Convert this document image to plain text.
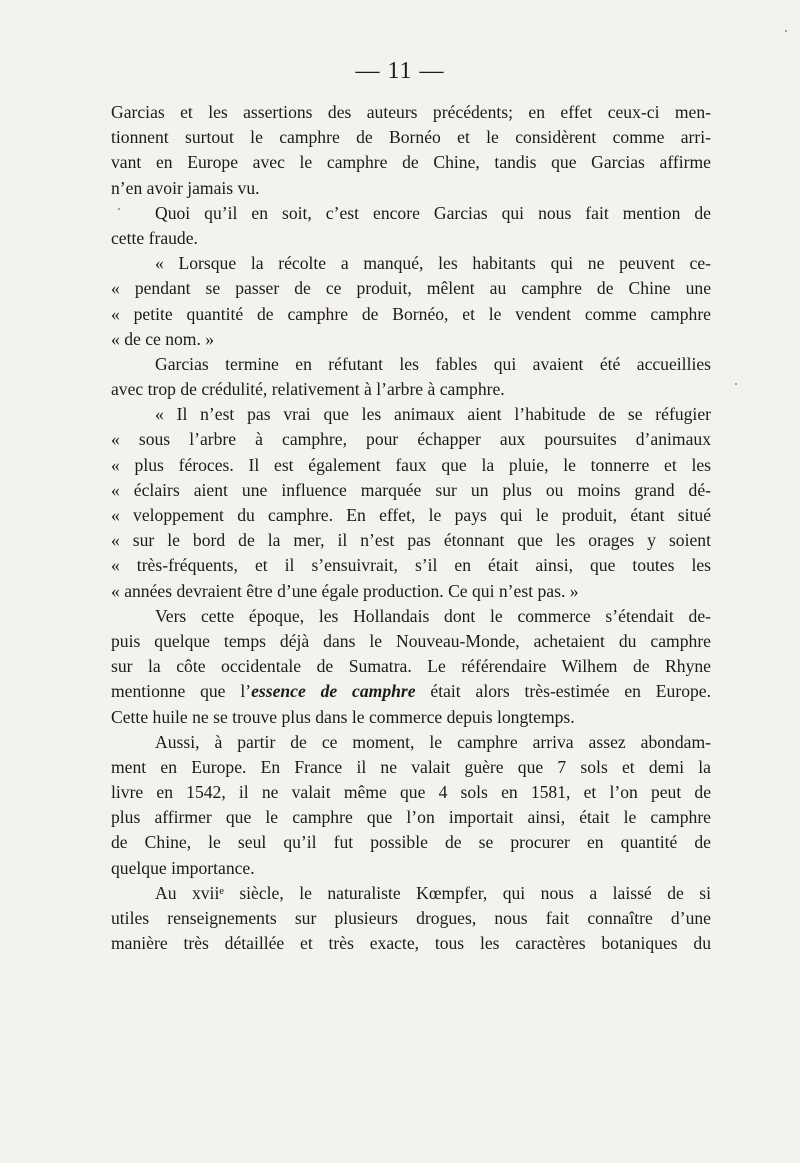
— 11 —
Garcias et les assertions des auteurs précédents; en effet ceux-ci men-
tionnent surtout le camphre de Bornéo et le considèrent comme arri-
vant en Europe avec le camphre de Chine, tandis que Garcias affirme
n’en avoir jamais vu.
Quoi qu’il en soit, c’est encore Garcias qui nous fait mention de
cette fraude.
« Lorsque la récolte a manqué, les habitants qui ne peuvent ce-
« pendant se passer de ce produit, mêlent au camphre de Chine une
« petite quantité de camphre de Bornéo, et le vendent comme camphre
« de ce nom. »
Garcias termine en réfutant les fables qui avaient été accueillies
avec trop de crédulité, relativement à l’arbre à camphre.
« Il n’est pas vrai que les animaux aient l’habitude de se réfugier
« sous l’arbre à camphre, pour échapper aux poursuites d’animaux
« plus féroces. Il est également faux que la pluie, le tonnerre et les
« éclairs aient une influence marquée sur un plus ou moins grand dé-
« veloppement du camphre. En effet, le pays qui le produit, étant situé
« sur le bord de la mer, il n’est pas étonnant que les orages y soient
« très-fréquents, et il s’ensuivrait, s’il en était ainsi, que toutes les
« années devraient être d’une égale production. Ce qui n’est pas. »
Vers cette époque, les Hollandais dont le commerce s’étendait de-
puis quelque temps déjà dans le Nouveau-Monde, achetaient du camphre
sur la côte occidentale de Sumatra. Le référendaire Wilhem de Rhyne
mentionne que l’essence de camphre était alors très-estimée en Europe.
Cette huile ne se trouve plus dans le commerce depuis longtemps.
Aussi, à partir de ce moment, le camphre arriva assez abondam-
ment en Europe. En France il ne valait guère que 7 sols et demi la
livre en 1542, il ne valait même que 4 sols en 1581, et l’on peut de
plus affirmer que le camphre que l’on importait ainsi, était le camphre
de Chine, le seul qu’il fut possible de se procurer en quantité de
quelque importance.
Au xviiᵉ siècle, le naturaliste Kœmpfer, qui nous a laissé de si
utiles renseignements sur plusieurs drogues, nous fait connaître d’une
manière très détaillée et très exacte, tous les caractères botaniques du
